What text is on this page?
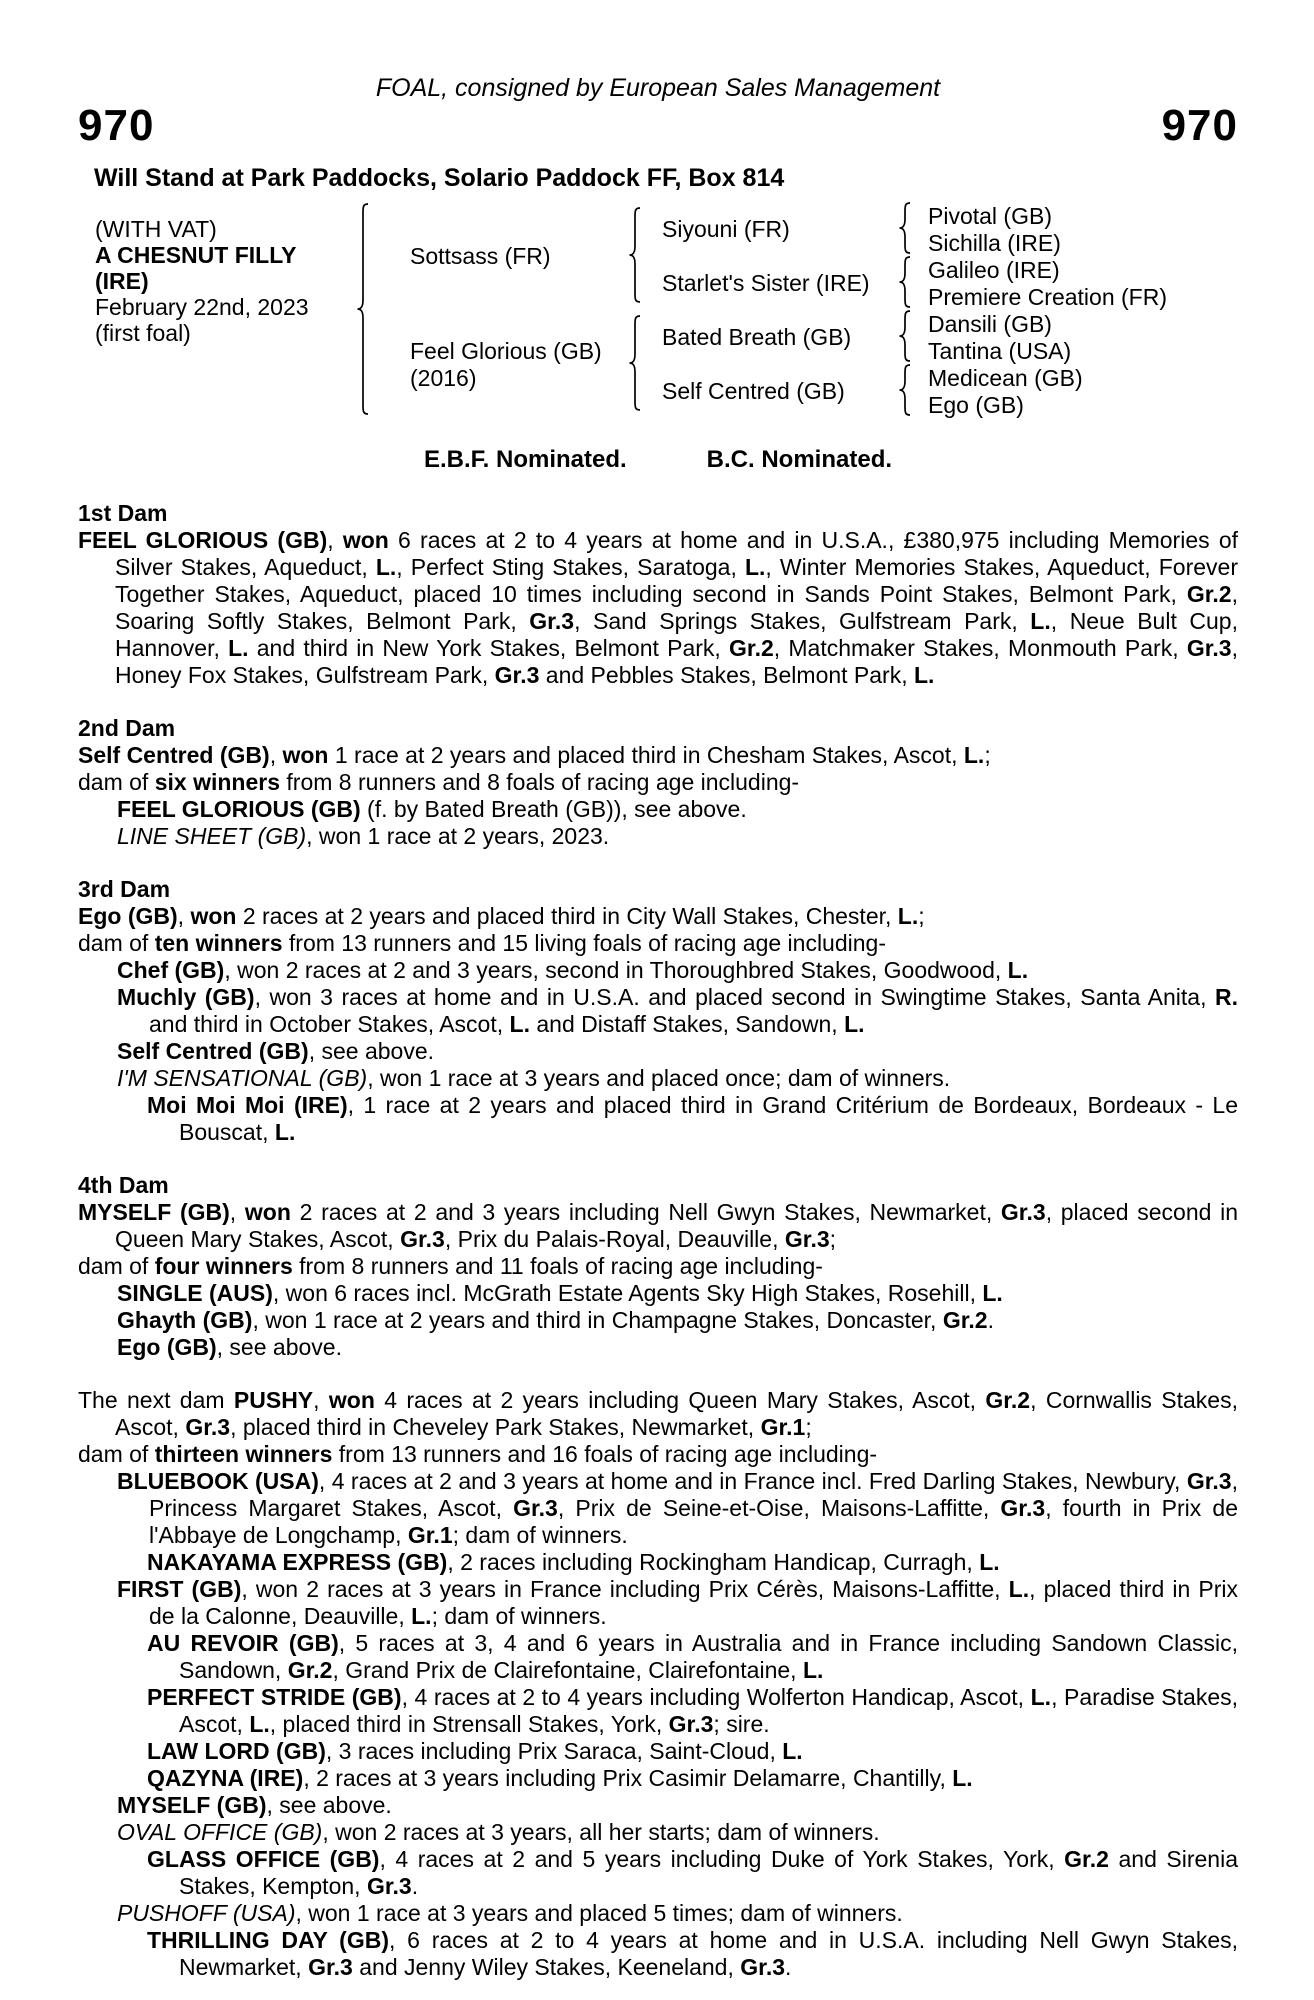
FOAL, consigned by European Sales Management
970	970
Will Stand at Park Paddocks, Solario Paddock FF, Box 814
(WITH VAT)
A CHESNUT FILLY
(IRE)
February 22nd, 2023
(first foal)
Sottsass (FR)
Feel Glorious (GB)
(2016)
Siyouni (FR)
Starlet's Sister (IRE)
Bated Breath (GB)
Self Centred (GB)
Pivotal (GB)
Sichilla (IRE)
Galileo (IRE)
Premiere Creation (FR)
Dansili (GB)
Tantina (USA)
Medicean (GB)
Ego (GB)
E.B.F. Nominated.	B.C. Nominated.
1st Dam
FEEL GLORIOUS (GB), won 6 races at 2 to 4 years at home and in U.S.A., £380,975 including Memories of Silver Stakes, Aqueduct, L., Perfect Sting Stakes, Saratoga, L., Winter Memories Stakes, Aqueduct, Forever Together Stakes, Aqueduct, placed 10 times including second in Sands Point Stakes, Belmont Park, Gr.2, Soaring Softly Stakes, Belmont Park, Gr.3, Sand Springs Stakes, Gulfstream Park, L., Neue Bult Cup, Hannover, L. and third in New York Stakes, Belmont Park, Gr.2, Matchmaker Stakes, Monmouth Park, Gr.3, Honey Fox Stakes, Gulfstream Park, Gr.3 and Pebbles Stakes, Belmont Park, L.
2nd Dam
Self Centred (GB), won 1 race at 2 years and placed third in Chesham Stakes, Ascot, L.;
dam of six winners from 8 runners and 8 foals of racing age including-
FEEL GLORIOUS (GB) (f. by Bated Breath (GB)), see above.
LINE SHEET (GB), won 1 race at 2 years, 2023.
3rd Dam
Ego (GB), won 2 races at 2 years and placed third in City Wall Stakes, Chester, L.;
dam of ten winners from 13 runners and 15 living foals of racing age including-
Chef (GB), won 2 races at 2 and 3 years, second in Thoroughbred Stakes, Goodwood, L.
Muchly (GB), won 3 races at home and in U.S.A. and placed second in Swingtime Stakes, Santa Anita, R. and third in October Stakes, Ascot, L. and Distaff Stakes, Sandown, L.
Self Centred (GB), see above.
I'M SENSATIONAL (GB), won 1 race at 3 years and placed once; dam of winners.
Moi Moi Moi (IRE), 1 race at 2 years and placed third in Grand Critérium de Bordeaux, Bordeaux - Le Bouscat, L.
4th Dam
MYSELF (GB), won 2 races at 2 and 3 years including Nell Gwyn Stakes, Newmarket, Gr.3, placed second in Queen Mary Stakes, Ascot, Gr.3, Prix du Palais-Royal, Deauville, Gr.3;
dam of four winners from 8 runners and 11 foals of racing age including-
SINGLE (AUS), won 6 races incl. McGrath Estate Agents Sky High Stakes, Rosehill, L.
Ghayth (GB), won 1 race at 2 years and third in Champagne Stakes, Doncaster, Gr.2.
Ego (GB), see above.
The next dam PUSHY, won 4 races at 2 years including Queen Mary Stakes, Ascot, Gr.2, Cornwallis Stakes, Ascot, Gr.3, placed third in Cheveley Park Stakes, Newmarket, Gr.1;
dam of thirteen winners from 13 runners and 16 foals of racing age including-
BLUEBOOK (USA), 4 races at 2 and 3 years at home and in France incl. Fred Darling Stakes, Newbury, Gr.3, Princess Margaret Stakes, Ascot, Gr.3, Prix de Seine-et-Oise, Maisons-Laffitte, Gr.3, fourth in Prix de l'Abbaye de Longchamp, Gr.1; dam of winners.
NAKAYAMA EXPRESS (GB), 2 races including Rockingham Handicap, Curragh, L.
FIRST (GB), won 2 races at 3 years in France including Prix Cérès, Maisons-Laffitte, L., placed third in Prix de la Calonne, Deauville, L.; dam of winners.
AU REVOIR (GB), 5 races at 3, 4 and 6 years in Australia and in France including Sandown Classic, Sandown, Gr.2, Grand Prix de Clairefontaine, Clairefontaine, L.
PERFECT STRIDE (GB), 4 races at 2 to 4 years including Wolferton Handicap, Ascot, L., Paradise Stakes, Ascot, L., placed third in Strensall Stakes, York, Gr.3; sire.
LAW LORD (GB), 3 races including Prix Saraca, Saint-Cloud, L.
QAZYNA (IRE), 2 races at 3 years including Prix Casimir Delamarre, Chantilly, L.
MYSELF (GB), see above.
OVAL OFFICE (GB), won 2 races at 3 years, all her starts; dam of winners.
GLASS OFFICE (GB), 4 races at 2 and 5 years including Duke of York Stakes, York, Gr.2 and Sirenia Stakes, Kempton, Gr.3.
PUSHOFF (USA), won 1 race at 3 years and placed 5 times; dam of winners.
THRILLING DAY (GB), 6 races at 2 to 4 years at home and in U.S.A. including Nell Gwyn Stakes, Newmarket, Gr.3 and Jenny Wiley Stakes, Keeneland, Gr.3.
